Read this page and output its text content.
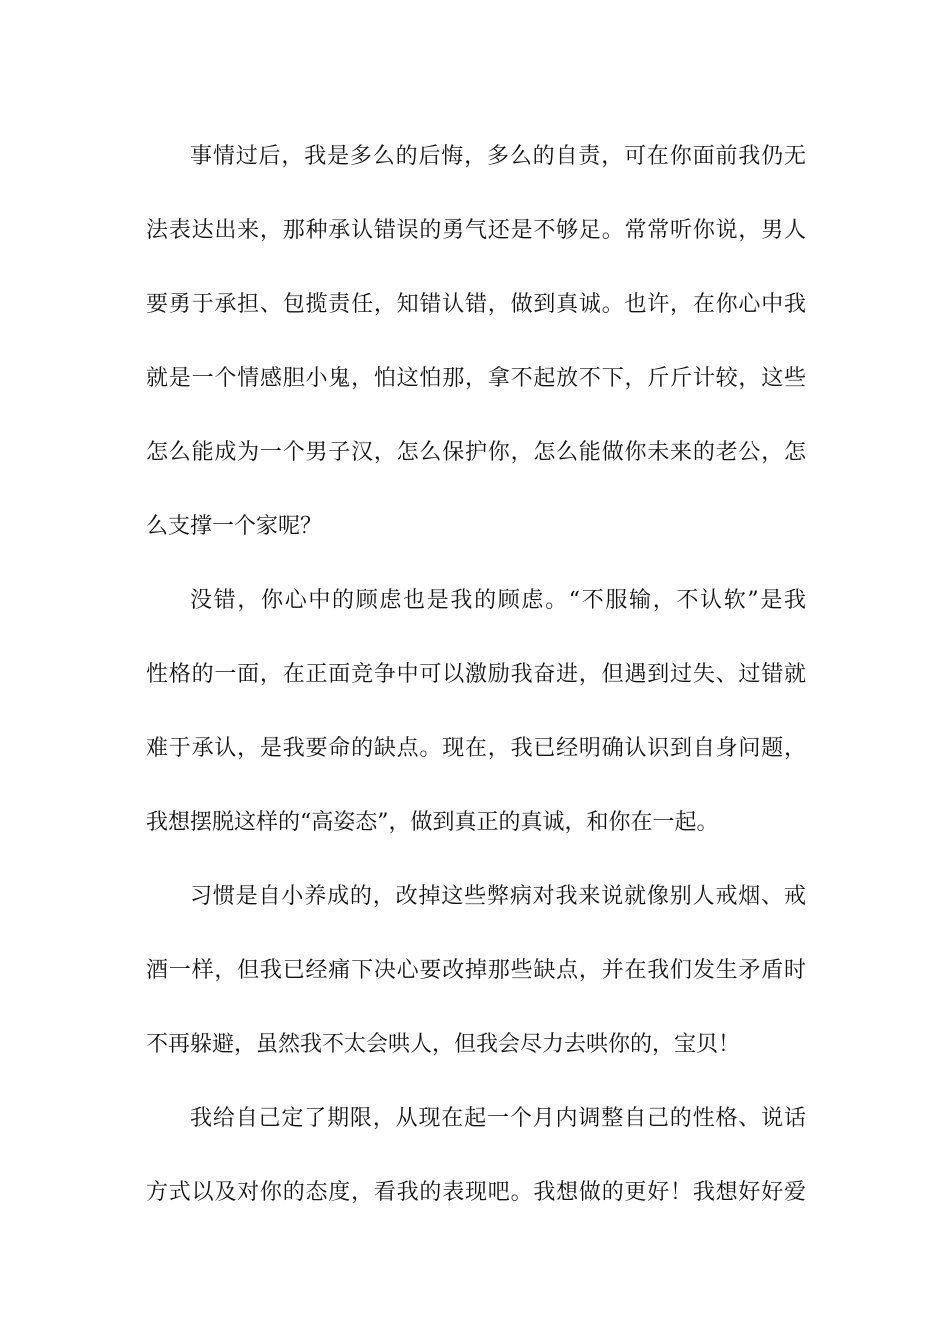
事情过后，我是多么的后悔，多么的自责，可在你面前我仍无
法表达出来，那种承认错误的勇气还是不够足。常常听你说，男人
要勇于承担、包揽责任，知错认错，做到真诚。也许，在你心中我
就是一个情感胆小鬼，怕这怕那，拿不起放不下，斤斤计较，这些
怎么能成为一个男子汉，怎么保护你，怎么能做你未来的老公，怎
么支撑一个家呢？
没错，你心中的顾虑也是我的顾虑。“不服输，不认软”是我
性格的一面，在正面竞争中可以激励我奋进，但遇到过失、过错就
难于承认，是我要命的缺点。现在，我已经明确认识到自身问题，
我想摆脱这样的“高姿态”，做到真正的真诚，和你在一起。
习惯是自小养成的，改掉这些弊病对我来说就像别人戒烟、戒
酒一样，但我已经痛下决心要改掉那些缺点，并在我们发生矛盾时
不再躲避，虽然我不太会哄人，但我会尽力去哄你的，宝贝！
我给自己定了期限，从现在起一个月内调整自己的性格、说话
方式以及对你的态度，看我的表现吧。我想做的更好！我想好好爱
